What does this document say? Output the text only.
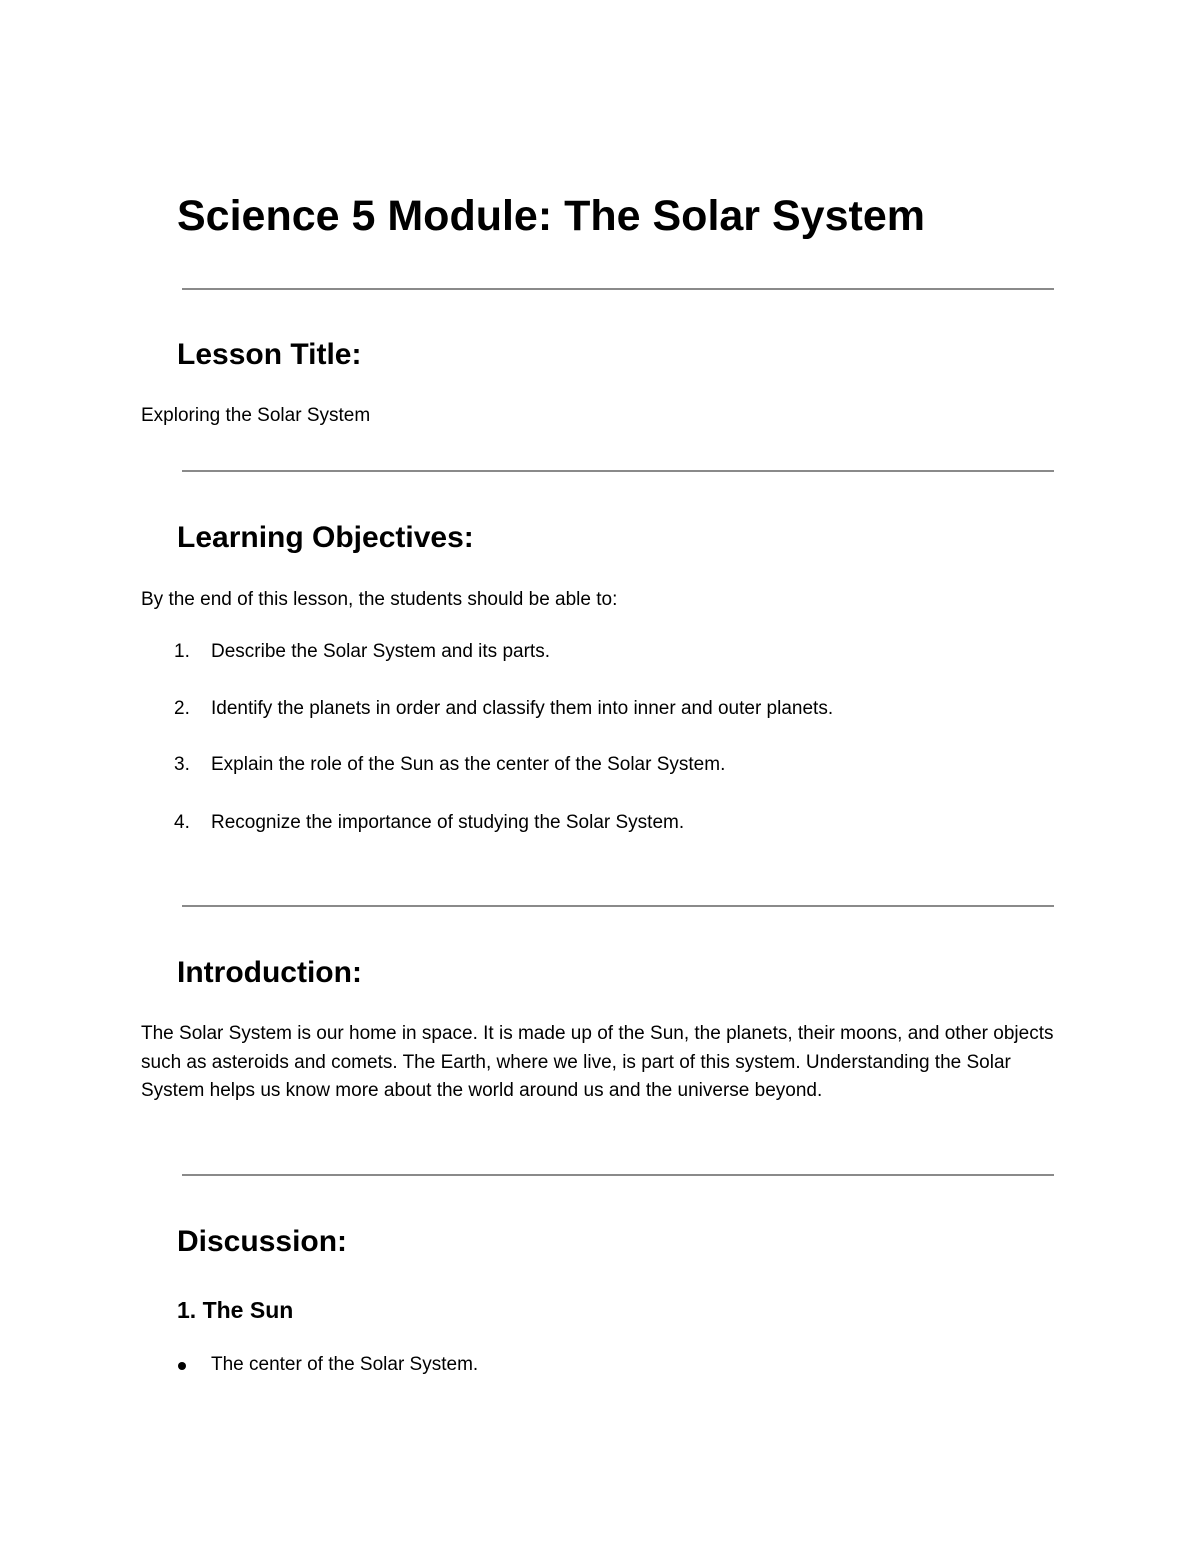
Science 5 Module: The Solar System
Lesson Title:

Exploring the Solar System

Learning Objectives:

By the end of this lesson, the students should be able to:

1.	Describe the Solar System and its parts.
2.	Identify the planets in order and classify them into inner and outer planets.
3.	Explain the role of the Sun as the center of the Solar System.
4.	Recognize the importance of studying the Solar System.
Introduction:

The Solar System is our home in space. It is made up of the Sun, the planets, their moons, and other objects such as asteroids and comets. The Earth, where we live, is part of this system. Understanding the Solar System helps us know more about the world around us and the universe beyond.

Discussion:
1. The Sun
The center of the Solar System.
